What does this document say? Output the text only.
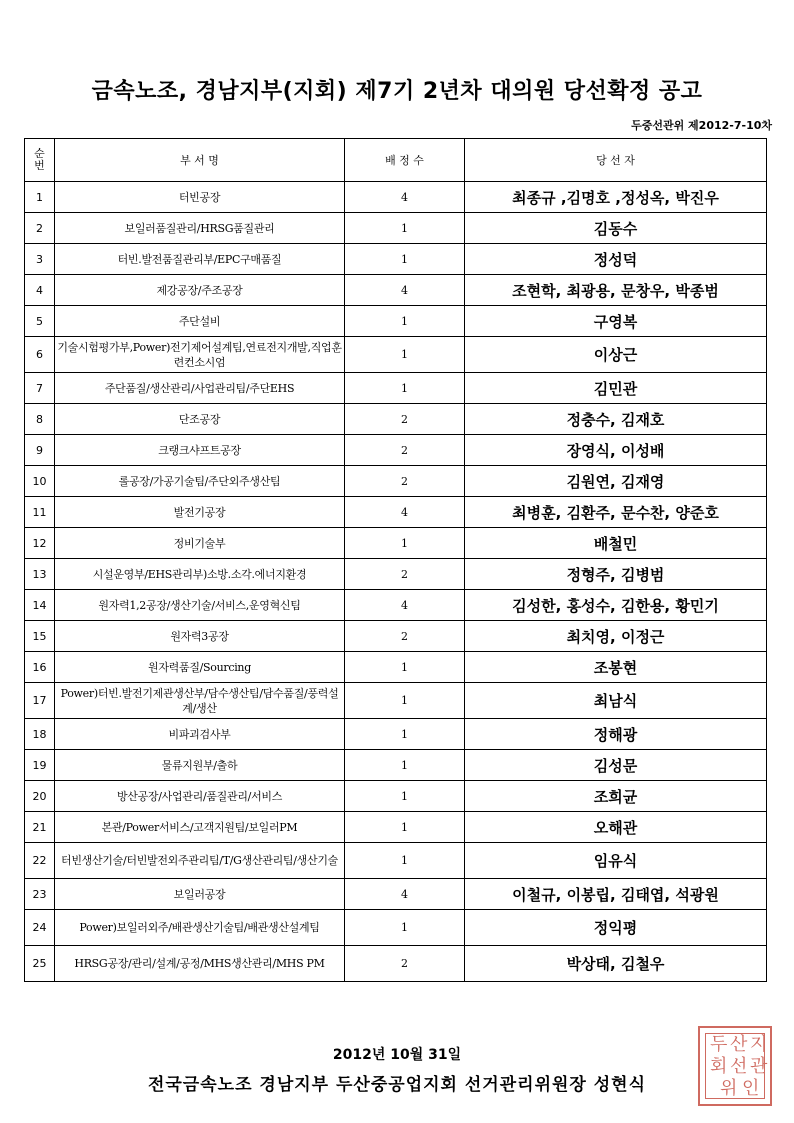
금속노조, 경남지부(지회) 제7기 2년차 대의원 당선확정 공고
두중선관위 제2012-7-10차
순
번	부 서 명	배 정 수	당 선 자
1	터빈공장	4	최종규 ,김명호 ,정성옥, 박진우
2	보일러품질관리/HRSG품질관리	1	김동수
3	터빈.발전품질관리부/EPC구매품질	1	정성덕
4	제강공장/주조공장	4	조현학, 최광용, 문창우, 박종범
5	주단설비	1	구영복
6	기술시험평가부,Power)전기제어설계팀,연료전지개발,직업훈련컨소시엄	1	이상근
7	주단품질/생산관리/사업관리팀/주단EHS	1	김민관
8	단조공장	2	정충수, 김재호
9	크랭크샤프트공장	2	장영식, 이성배
10	롤공장/가공기술팀/주단외주생산팀	2	김원연, 김재영
11	발전기공장	4	최병훈, 김환주, 문수찬, 양준호
12	정비기술부	1	배철민
13	시설운영부/EHS관리부)소방.소각.에너지환경	2	정형주, 김병범
14	원자력1,2공장/생산기술/서비스,운영혁신팀	4	김성한, 홍성수, 김한용, 황민기
15	원자력3공장	2	최치영, 이정근
16	원자력품질/Sourcing	1	조봉현
17	Power)터빈.발전기제관생산부/담수생산팀/담수품질/풍력설계/생산	1	최남식
18	비파괴검사부	1	정해광
19	물류지원부/출하	1	김성문
20	방산공장/사업관리/품질관리/서비스	1	조희균
21	본관/Power서비스/고객지원팀/보일러PM	1	오해관
22	터빈생산기술/터빈발전외주관리팀/T/G생산관리팀/생산기술	1	임유식
23	보일러공장	4	이철규, 이봉립, 김태엽, 석광원
24	Power)보일러외주/배관생산기술팀/배관생산설계팀	1	정익평
25	HRSG공장/관리/설계/공정/MHS생산관리/MHS PM	2	박상태, 김철우
2012년 10월 31일
전국금속노조 경남지부 두산중공업지회 선거관리위원장 성현식
두 산 지
회 선 관
위 인
